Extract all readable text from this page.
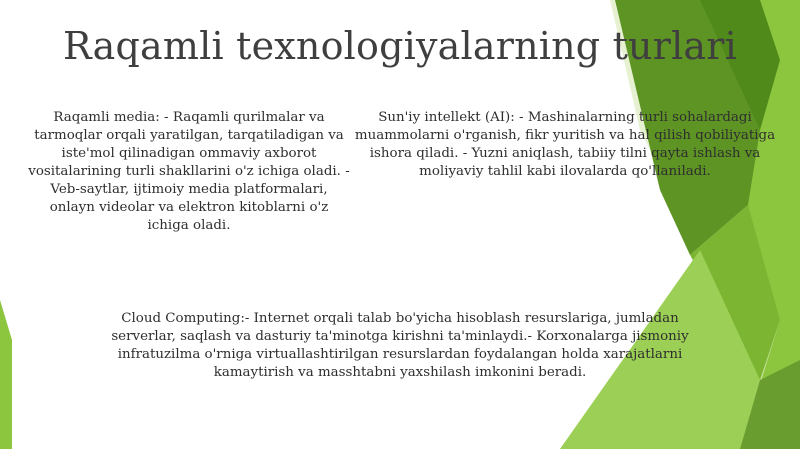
Raqamli texnologiyalarning turlari
Raqamli media: - Raqamli qurilmalar va tarmoqlar orqali yaratilgan, tarqatiladigan va iste'mol qilinadigan ommaviy axborot vositalarining turli shakllarini o'z ichiga oladi. - Veb-saytlar, ijtimoiy media platformalari, onlayn videolar va elektron kitoblarni o'z ichiga oladi.
Sun'iy intellekt (AI): - Mashinalarning turli sohalardagi muammolarni o'rganish, fikr yuritish va hal qilish qobiliyatiga ishora qiladi. - Yuzni aniqlash, tabiiy tilni qayta ishlash va moliyaviy tahlil kabi ilovalarda qo'llaniladi.
Cloud Computing:- Internet orqali talab bo'yicha hisoblash resurslariga, jumladan serverlar, saqlash va dasturiy ta'minotga kirishni ta'minlaydi.- Korxonalarga jismoniy infratuzilma o'rniga virtuallashtirilgan resurslardan foydalangan holda xarajatlarni kamaytirish va masshtabni yaxshilash imkonini beradi.
